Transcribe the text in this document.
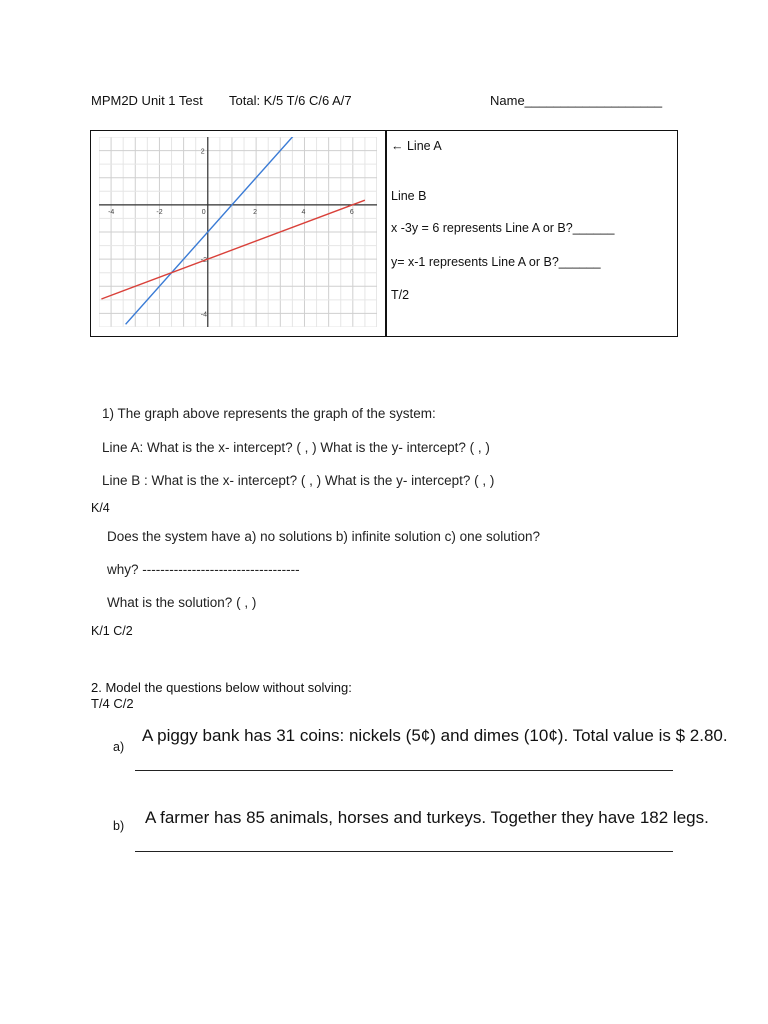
MPM2D Unit 1 Test Total: K/5 T/6 C/6 A/7	Name___________________
-4	-2	0	2	4	6
2
-2
-4
← Line A
Line B
x -3y = 6 represents Line A or B?______
y= x-1 represents Line A or B?______
T/2
1) The graph above represents the graph of the system:
Line A: What is the x- intercept? ( , ) What is the y- intercept? ( , )
Line B : What is the x- intercept? ( , ) What is the y- intercept? ( , )
K/4
Does the system have a) no solutions b) infinite solution c) one solution?
why? -----------------------------------
What is the solution? ( , )
K/1 C/2
2. Model the questions below without solving:
T/4 C/2
a)
A piggy bank has 31 coins: nickels (5¢) and dimes (10¢). Total value is $ 2.80.
b) A farmer has 85 animals, horses and turkeys. Together they have 182 legs.
